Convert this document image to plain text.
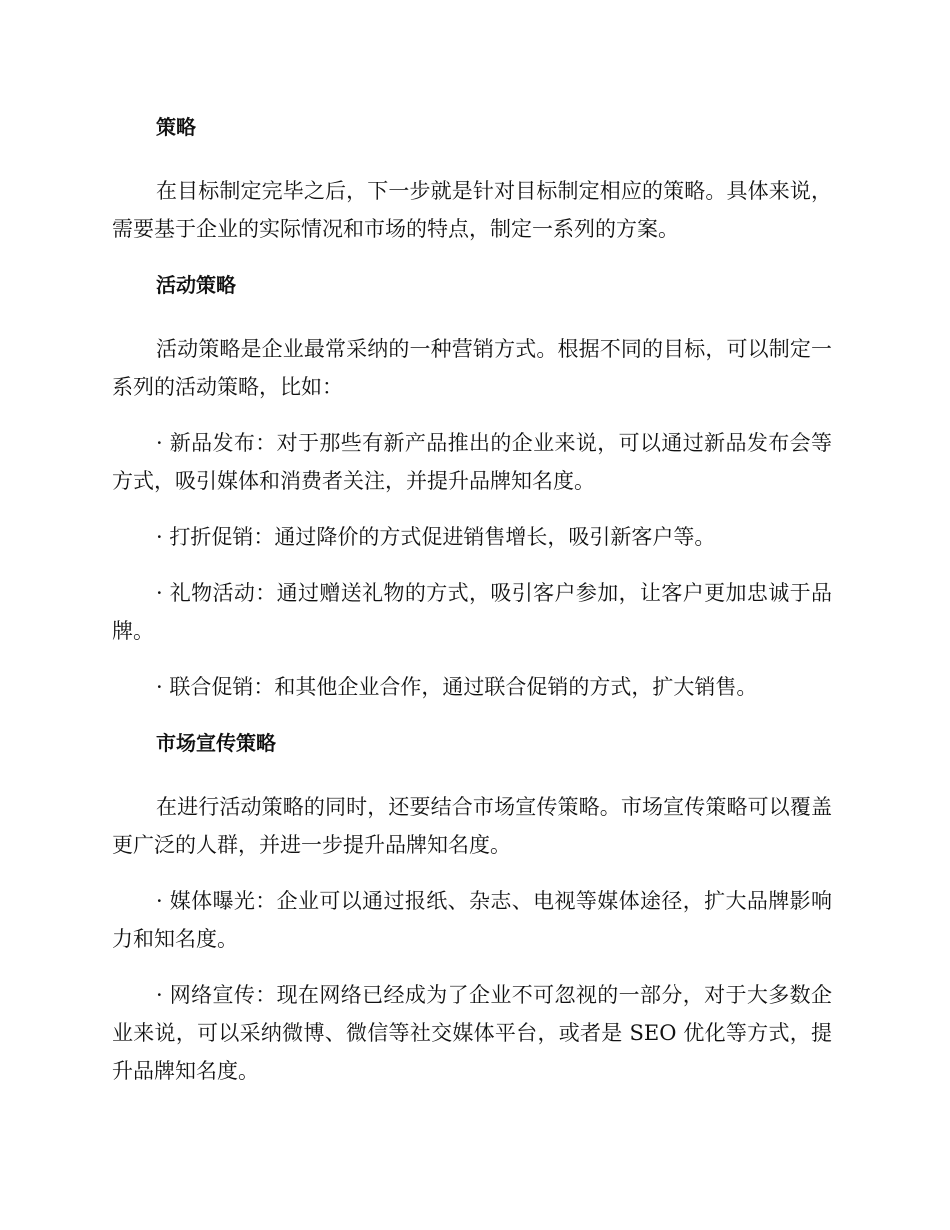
策略

在目标制定完毕之后，下一步就是针对目标制定相应的策略。具体来说，需要基于企业的实际情况和市场的特点，制定一系列的方案。

活动策略

活动策略是企业最常采纳的一种营销方式。根据不同的目标，可以制定一系列的活动策略，比如：

· 新品发布：对于那些有新产品推出的企业来说，可以通过新品发布会等方式，吸引媒体和消费者关注，并提升品牌知名度。

· 打折促销：通过降价的方式促进销售增长，吸引新客户等。

· 礼物活动：通过赠送礼物的方式，吸引客户参加，让客户更加忠诚于品牌。

· 联合促销：和其他企业合作，通过联合促销的方式，扩大销售。

市场宣传策略

在进行活动策略的同时，还要结合市场宣传策略。市场宣传策略可以覆盖更广泛的人群，并进一步提升品牌知名度。

· 媒体曝光：企业可以通过报纸、杂志、电视等媒体途径，扩大品牌影响力和知名度。

· 网络宣传：现在网络已经成为了企业不可忽视的一部分，对于大多数企业来说，可以采纳微博、微信等社交媒体平台，或者是 SEO 优化等方式，提升品牌知名度。
